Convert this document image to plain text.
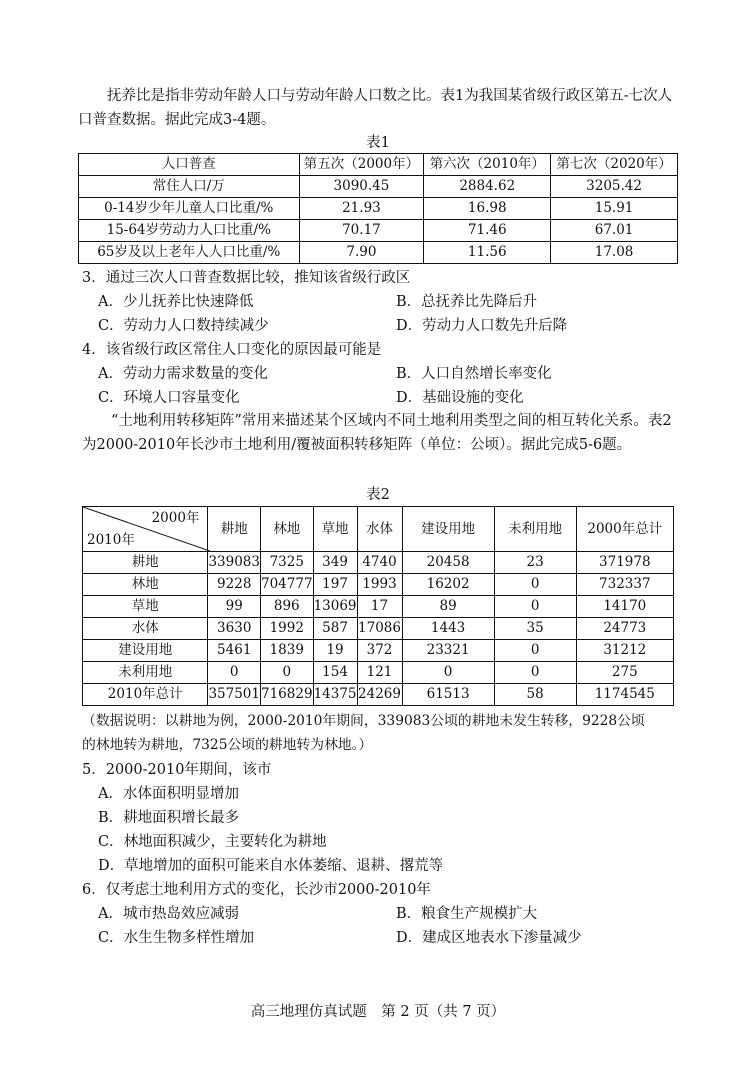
抚养比是指非劳动年龄人口与劳动年龄人口数之比。表1为我国某省级行政区第五-七次人口普查数据。据此完成3-4题。
表1
人口普查	第五次（2000年）	第六次（2010年）	第七次（2020年）
常住人口/万	3090.45	2884.62	3205.42
0-14岁少年儿童人口比重/%	21.93	16.98	15.91
15-64岁劳动力人口比重/%	70.17	71.46	67.01
65岁及以上老年人人口比重/%	7.90	11.56	17.08
3．通过三次人口普查数据比较，推知该省级行政区
A．少儿抚养比快速降低	B．总抚养比先降后升
C．劳动力人口数持续减少	D．劳动力人口数先升后降
4．该省级行政区常住人口变化的原因最可能是
A．劳动力需求数量的变化	B．人口自然增长率变化
C．环境人口容量变化	D．基础设施的变化
“土地利用转移矩阵”常用来描述某个区域内不同土地利用类型之间的相互转化关系。表2为2000-2010年长沙市土地利用/覆被面积转移矩阵（单位：公顷）。据此完成5-6题。
表2
2000年
2010年	耕地	林地	草地	水体	建设用地	未利用地	2000年总计
耕地	339083	7325	349	4740	20458	23	371978
林地	9228	704777	197	1993	16202	0	732337
草地	99	896	13069	17	89	0	14170
水体	3630	1992	587	17086	1443	35	24773
建设用地	5461	1839	19	372	23321	0	31212
未利用地	0	0	154	121	0	0	275
2010年总计	357501	716829	14375	24269	61513	58	1174545
（数据说明：以耕地为例，2000-2010年期间，339083公顷的耕地未发生转移，9228公顷
的林地转为耕地，7325公顷的耕地转为林地。）
5．2000-2010年期间，该市
A．水体面积明显增加
B．耕地面积增长最多
C．林地面积减少，主要转化为耕地
D．草地增加的面积可能来自水体萎缩、退耕、撂荒等
6．仅考虑土地利用方式的变化，长沙市2000-2010年
A．城市热岛效应减弱	B．粮食生产规模扩大
C．水生生物多样性增加	D．建成区地表水下渗量减少
高三地理仿真试题　第 2 页（共 7 页）
